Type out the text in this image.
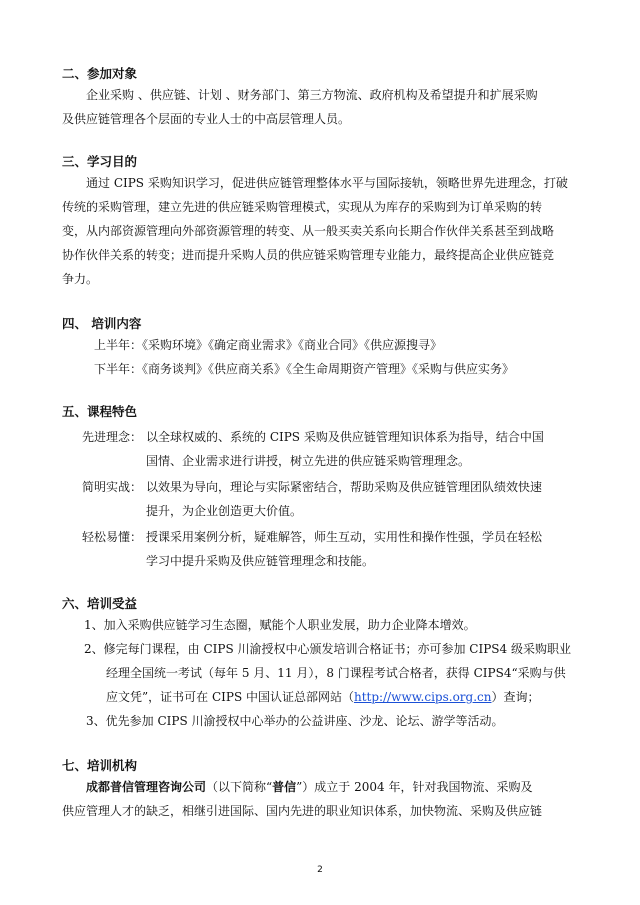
二、参加对象
企业采购 、供应链、计划 、财务部门、第三方物流、政府机构及希望提升和扩展采购
及供应链管理各个层面的专业人士的中高层管理人员。
三、学习目的
通过 CIPS 采购知识学习，促进供应链管理整体水平与国际接轨，领略世界先进理念，打破
传统的采购管理，建立先进的供应链采购管理模式，实现从为库存的采购到为订单采购的转
变，从内部资源管理向外部资源管理的转变、从一般买卖关系向长期合作伙伴关系甚至到战略
协作伙伴关系的转变；进而提升采购人员的供应链采购管理专业能力，最终提高企业供应链竞
争力。
四、 培训内容
上半年：《采购环境》《确定商业需求》《商业合同》《供应源搜寻》
下半年：《商务谈判》《供应商关系》《全生命周期资产管理》《采购与供应实务》
五、课程特色
先进理念： 以全球权威的、系统的 CIPS 采购及供应链管理知识体系为指导，结合中国
国情、企业需求进行讲授，树立先进的供应链采购管理理念。
简明实战： 以效果为导向，理论与实际紧密结合，帮助采购及供应链管理团队绩效快速
提升，为企业创造更大价值。
轻松易懂： 授课采用案例分析，疑难解答，师生互动，实用性和操作性强，学员在轻松
学习中提升采购及供应链管理理念和技能。
六、培训受益
1、加入采购供应链学习生态圈，赋能个人职业发展，助力企业降本增效。
2、修完每门课程，由 CIPS 川渝授权中心颁发培训合格证书；亦可参加 CIPS4 级采购职业
经理全国统一考试（每年 5 月、11 月），8 门课程考试合格者，获得 CIPS4“采购与供
应文凭”，证书可在 CIPS 中国认证总部网站（http://www.cips.org.cn）查询；
3、优先参加 CIPS 川渝授权中心举办的公益讲座、沙龙、论坛、游学等活动。
七、培训机构
成都普信管理咨询公司（以下简称“普信”）成立于 2004 年，针对我国物流、采购及
供应管理人才的缺乏，相继引进国际、国内先进的职业知识体系，加快物流、采购及供应链
2
